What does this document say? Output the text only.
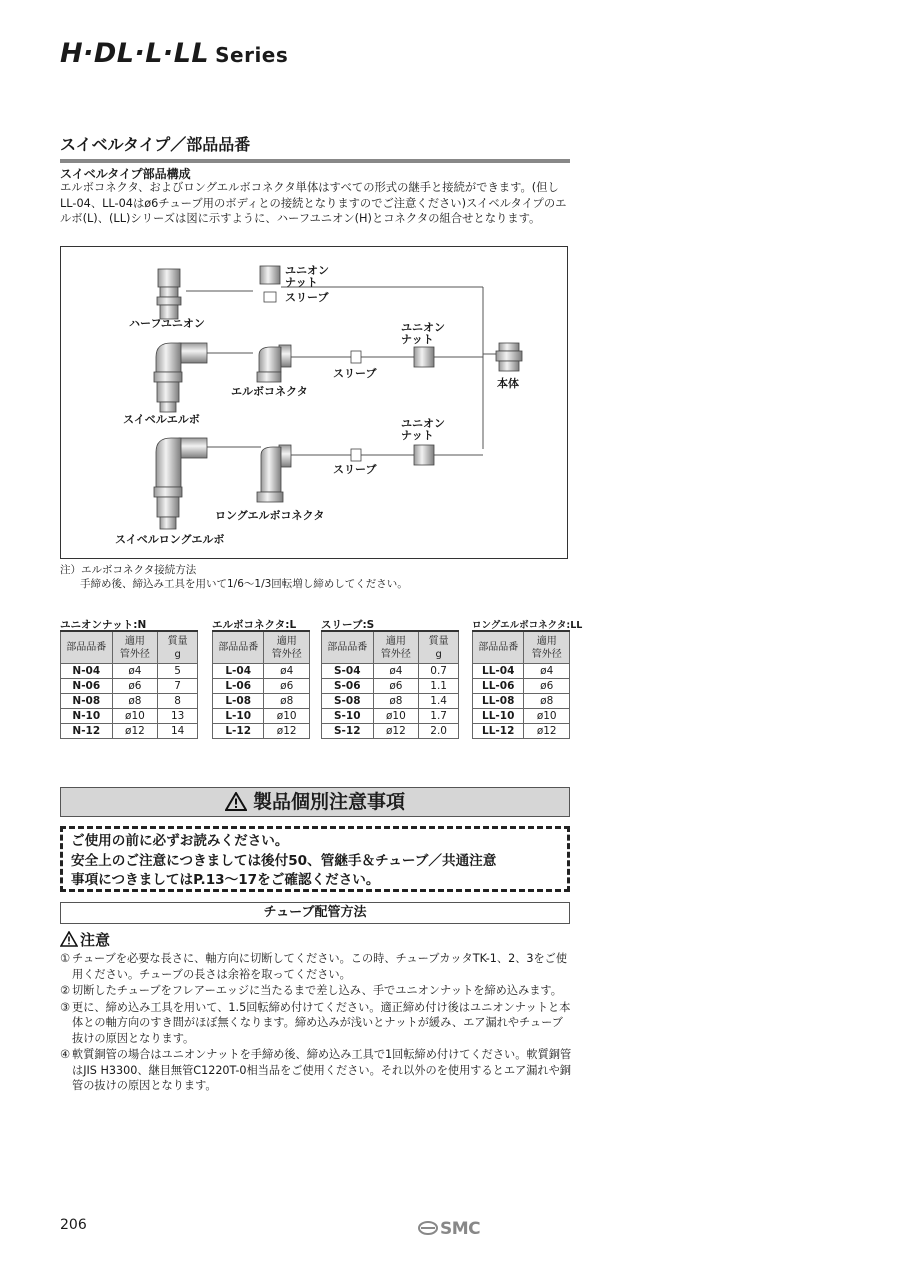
H·DL·L·LL Series
スイベルタイプ／部品品番
スイベルタイプ部品構成
エルボコネクタ、およびロングエルボコネクタ単体はすべての形式の継手と接続ができます。(但しLL-04、LL-04はø6チューブ用のボディとの接続となりますのでご注意ください)スイベルタイプのエルボ(L)、(LL)シリーズは図に示すように、ハーフユニオン(H)とコネクタの組合せとなります。
ユニオン
ナット
スリーブ
ハーフユニオン	ユニオン
ナット
スリーブ
エルボコネクタ
本体
スイベルエルボ	ユニオン
ナット
スリーブ
ロングエルボコネクタ
スイベルロングエルボ
注）エルボコネクタ接続方法
手締め後、締込み工具を用いて1/6～1/3回転増し締めしてください。
ユニオンナット:N
部品品番	適用
管外径	質量
g
N-04	ø4	5
N-06	ø6	7
N-08	ø8	8
N-10	ø10	13
N-12	ø12	14
エルボコネクタ:L
部品品番	適用
管外径
L-04	ø4
L-06	ø6
L-08	ø8
L-10	ø10
L-12	ø12
スリーブ:S
部品品番	適用
管外径	質量
g
S-04	ø4	0.7
S-06	ø6	1.1
S-08	ø8	1.4
S-10	ø10	1.7
S-12	ø12	2.0
ロングエルボコネクタ:LL
部品品番	適用
管外径
LL-04	ø4
LL-06	ø6
LL-08	ø8
LL-10	ø10
LL-12	ø12
製品個別注意事項
ご使用の前に必ずお読みください。
安全上のご注意につきましては後付50、管継手＆チューブ／共通注意
事項につきましてはP.13～17をご確認ください。
チューブ配管方法
注意
① チューブを必要な長さに、軸方向に切断してください。この時、チューブカッタTK-1、2、3をご使用ください。チューブの長さは余裕を取ってください。
② 切断したチューブをフレアーエッジに当たるまで差し込み、手でユニオンナットを締め込みます。
③ 更に、締め込み工具を用いて、1.5回転締め付けてください。適正締め付け後はユニオンナットと本体との軸方向のすき間がほぼ無くなります。締め込みが浅いとナットが緩み、エア漏れやチューブ抜けの原因となります。
④ 軟質銅管の場合はユニオンナットを手締め後、締め込み工具で1回転締め付けてください。軟質銅管はJIS H3300、継目無管C1220T-0相当品をご使用ください。それ以外のを使用するとエア漏れや銅管の抜けの原因となります。
206	SMC
